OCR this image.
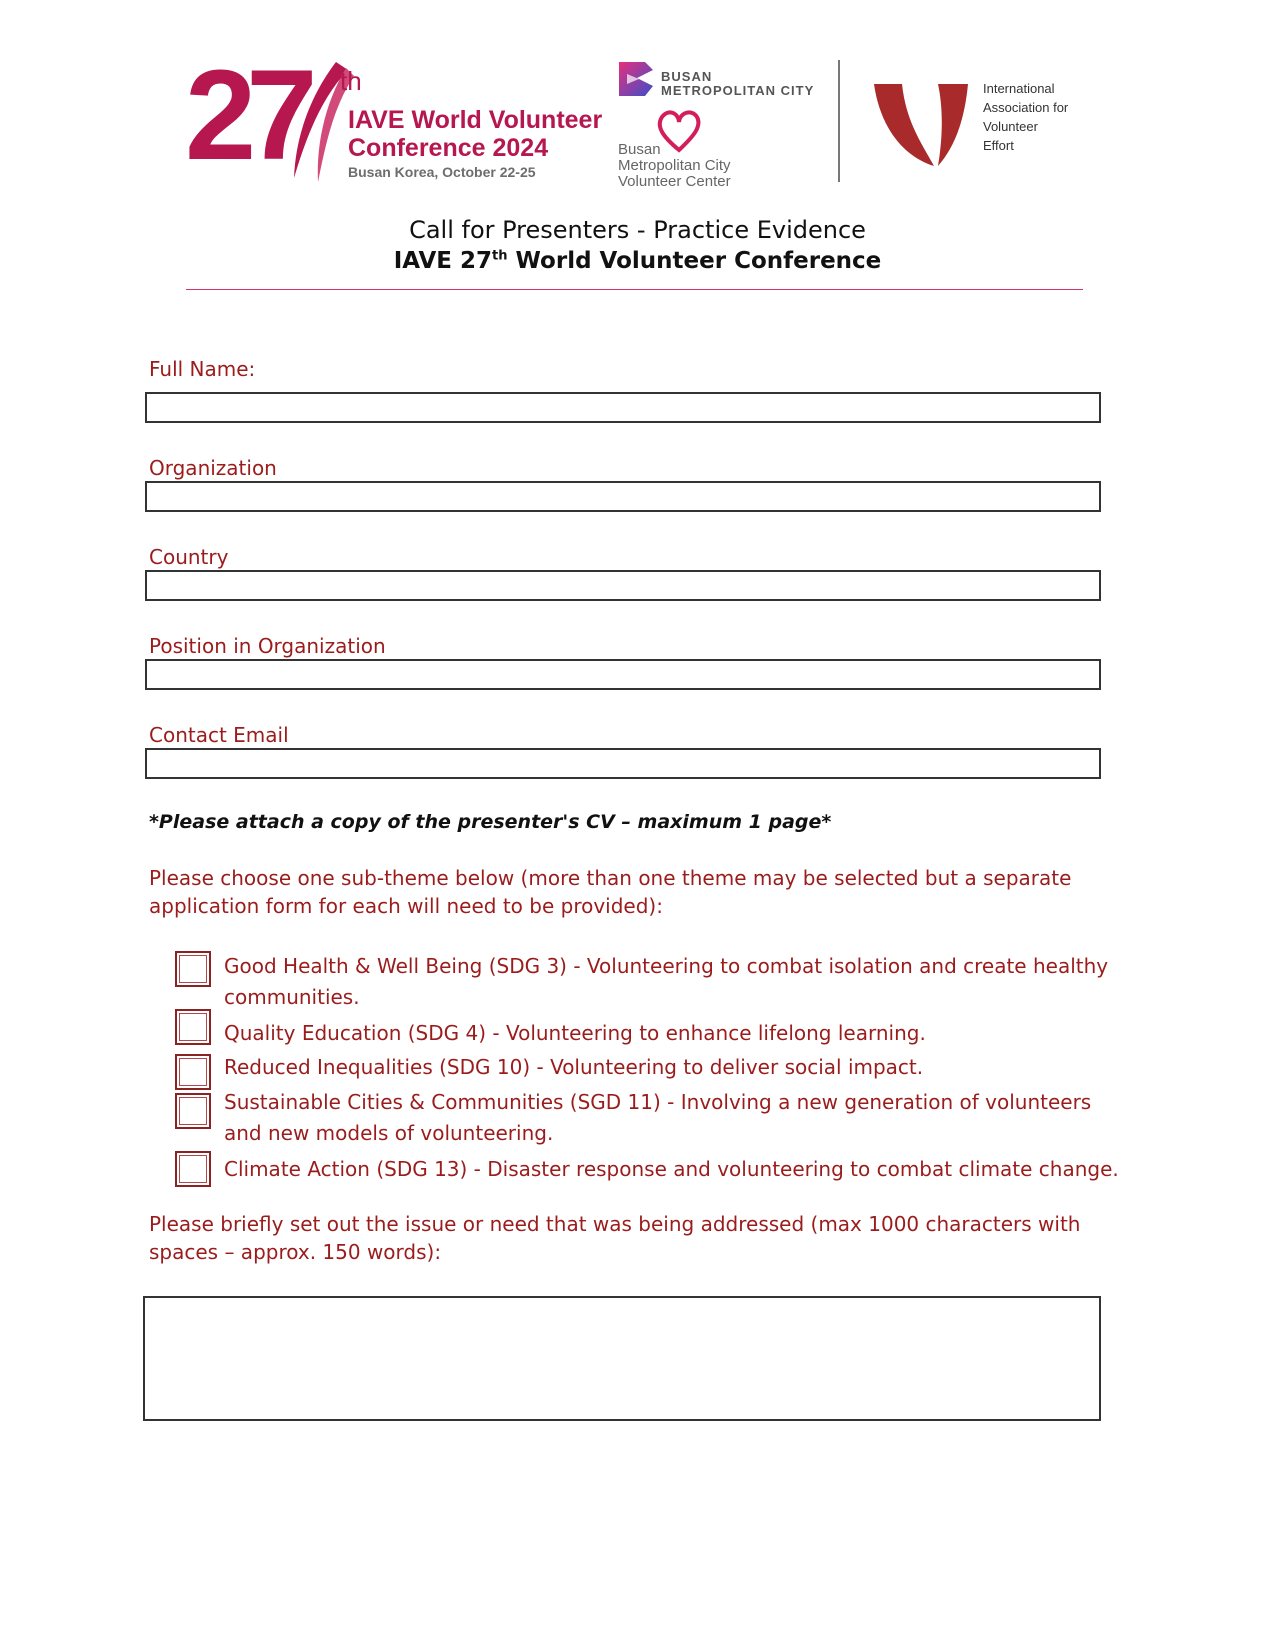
27 th
IAVE World Volunteer
Conference 2024
Busan Korea, October 22-25
BUSAN
METROPOLITAN CITY
Busan
Metropolitan City
Volunteer Center
International
Association for
Volunteer
Effort
Call for Presenters - Practice Evidence
IAVE 27th World Volunteer Conference
Full Name:
Organization
Country
Position in Organization
Contact Email
*Please attach a copy of the presenter's CV – maximum 1 page*
Please choose one sub-theme below (more than one theme may be selected but a separate application form for each will need to be provided):
Good Health & Well Being (SDG 3) - Volunteering to combat isolation and create healthy communities.
Quality Education (SDG 4) - Volunteering to enhance lifelong learning.
Reduced Inequalities (SDG 10) - Volunteering to deliver social impact.
Sustainable Cities & Communities (SGD 11) - Involving a new generation of volunteers and new models of volunteering.
Climate Action (SDG 13) - Disaster response and volunteering to combat climate change.
Please briefly set out the issue or need that was being addressed (max 1000 characters with spaces – approx. 150 words):
